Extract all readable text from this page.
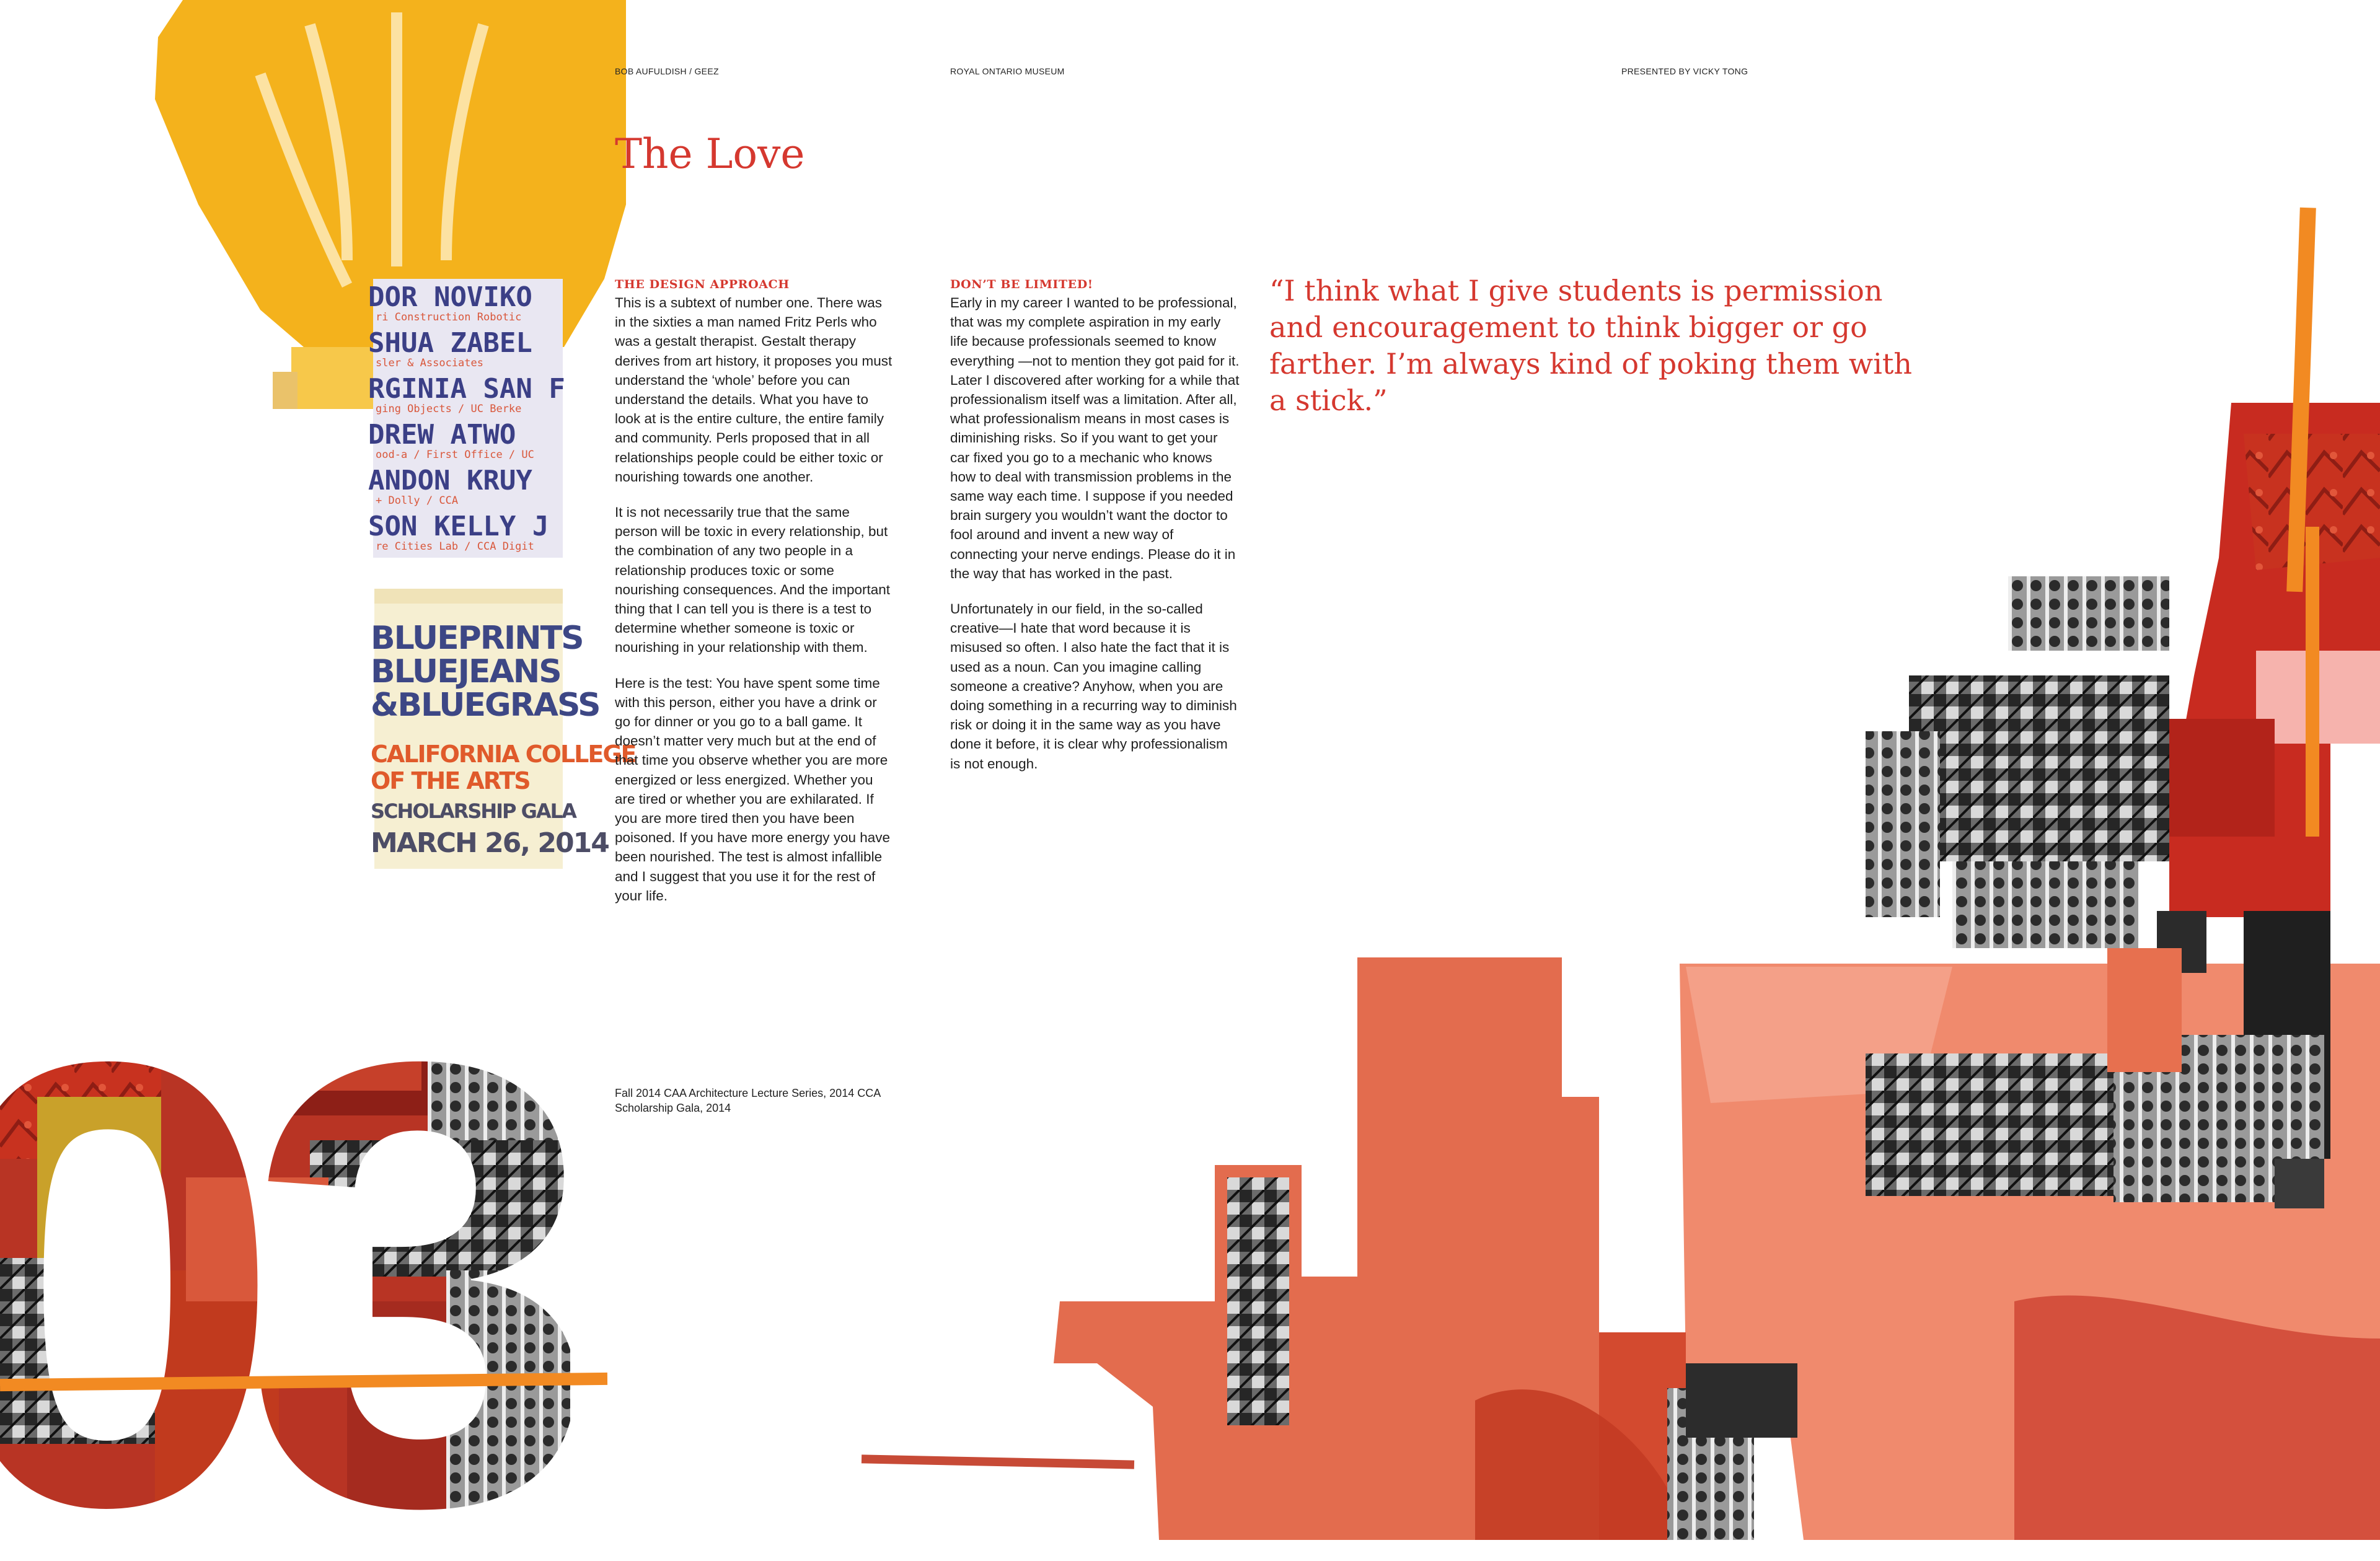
BOB AUFULDISH / GEEZ	ROYAL ONTARIO MUSEUM	PRESENTED BY VICKY TONG
The Love
DOR NOVIKO
ri Construction Robotic
SHUA ZABEL
sler & Associates
RGINIA SAN F
ging Objects / UC Berke
DREW ATWO
ood-a / First Office / UC
ANDON KRUY
+ Dolly / CCA
SON KELLY J
re Cities Lab / CCA Digit
BLUEPRINTS
BLUEJEANS
&BLUEGRASS
CALIFORNIA COLLEGE
OF THE ARTS
SCHOLARSHIP GALA
MARCH 26, 2014
THE DESIGN APPROACH

This is a subtext of number one. There was in the sixties a man named Fritz Perls who was a gestalt therapist. Gestalt therapy derives from art history, it proposes you must understand the ‘whole’ before you can understand the details. What you have to look at is the entire culture, the entire family and community. Perls proposed that in all relationships people could be either toxic or nourishing towards one another.

It is not necessarily true that the same person will be toxic in every relationship, but the combination of any two people in a relationship produces toxic or some nourishing consequences. And the important thing that I can tell you is there is a test to determine whether someone is toxic or nourishing in your relationship with them.

Here is the test: You have spent some time with this person, either you have a drink or go for dinner or you go to a ball game. It doesn’t matter very much but at the end of that time you observe whether you are more energized or less energized. Whether you are tired or whether you are exhilarated. If you are more tired then you have been poisoned. If you have more energy you have been nourished. The test is almost infallible and I suggest that you use it for the rest of your life.

Fall 2014 CAA Architecture Lecture Series, 2014 CCA Scholarship Gala, 2014
DON’T BE LIMITED!

Early in my career I wanted to be professional, that was my complete aspiration in my early life because professionals seemed to know everything —not to mention they got paid for it. Later I discovered after working for a while that professionalism itself was a limitation. After all, what professionalism means in most cases is diminishing risks. So if you want to get your car fixed you go to a mechanic who knows how to deal with transmission problems in the same way each time. I suppose if you needed brain surgery you wouldn’t want the doctor to fool around and invent a new way of connecting your nerve endings. Please do it in the way that has worked in the past.

Unfortunately in our field, in the so-called creative—I hate that word because it is misused so often. I also hate the fact that it is used as a noun. Can you imagine calling someone a creative? Anyhow, when you are doing something in a recurring way to diminish risk or doing it in the same way as you have done it before, it is clear why professionalism is not enough.

“I think what I give students is permission and encouragement to think bigger or go farther. I’m always kind of poking them with a stick.”
